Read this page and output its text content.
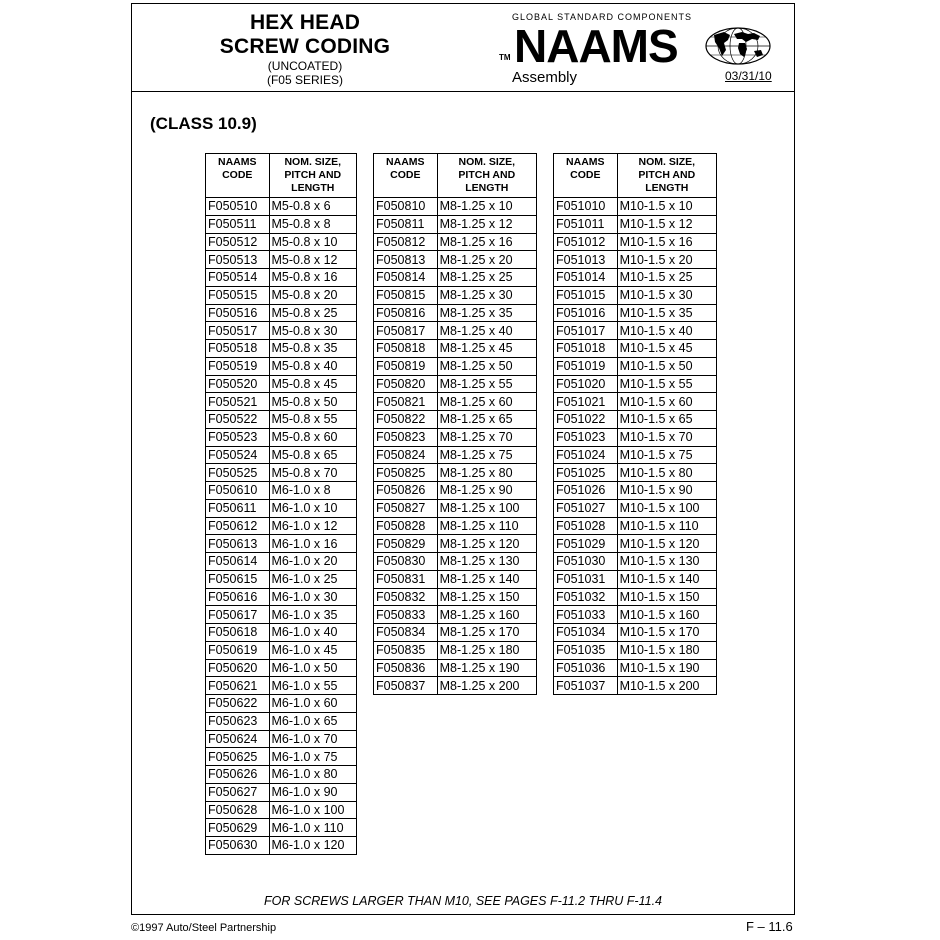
HEX HEAD
SCREW CODING
(UNCOATED)
(F05 SERIES)
GLOBAL STANDARD COMPONENTS
TM NAAMS
Assembly	03/31/10
(CLASS 10.9)
NAAMS
CODE	NOM. SIZE,
PITCH AND
LENGTH

F050510	M5-0.8 x 6
F050511	M5-0.8 x 8
F050512	M5-0.8 x 10
F050513	M5-0.8 x 12
F050514	M5-0.8 x 16
F050515	M5-0.8 x 20
F050516	M5-0.8 x 25
F050517	M5-0.8 x 30
F050518	M5-0.8 x 35
F050519	M5-0.8 x 40
F050520	M5-0.8 x 45
F050521	M5-0.8 x 50
F050522	M5-0.8 x 55
F050523	M5-0.8 x 60
F050524	M5-0.8 x 65
F050525	M5-0.8 x 70
F050610	M6-1.0 x 8
F050611	M6-1.0 x 10
F050612	M6-1.0 x 12
F050613	M6-1.0 x 16
F050614	M6-1.0 x 20
F050615	M6-1.0 x 25
F050616	M6-1.0 x 30
F050617	M6-1.0 x 35
F050618	M6-1.0 x 40
F050619	M6-1.0 x 45
F050620	M6-1.0 x 50
F050621	M6-1.0 x 55
F050622	M6-1.0 x 60
F050623	M6-1.0 x 65
F050624	M6-1.0 x 70
F050625	M6-1.0 x 75
F050626	M6-1.0 x 80
F050627	M6-1.0 x 90
F050628	M6-1.0 x 100
F050629	M6-1.0 x 110
F050630	M6-1.0 x 120
NAAMS
CODE	NOM. SIZE,
PITCH AND
LENGTH

F050810	M8-1.25 x 10
F050811	M8-1.25 x 12
F050812	M8-1.25 x 16
F050813	M8-1.25 x 20
F050814	M8-1.25 x 25
F050815	M8-1.25 x 30
F050816	M8-1.25 x 35
F050817	M8-1.25 x 40
F050818	M8-1.25 x 45
F050819	M8-1.25 x 50
F050820	M8-1.25 x 55
F050821	M8-1.25 x 60
F050822	M8-1.25 x 65
F050823	M8-1.25 x 70
F050824	M8-1.25 x 75
F050825	M8-1.25 x 80
F050826	M8-1.25 x 90
F050827	M8-1.25 x 100
F050828	M8-1.25 x 110
F050829	M8-1.25 x 120
F050830	M8-1.25 x 130
F050831	M8-1.25 x 140
F050832	M8-1.25 x 150
F050833	M8-1.25 x 160
F050834	M8-1.25 x 170
F050835	M8-1.25 x 180
F050836	M8-1.25 x 190
F050837	M8-1.25 x 200
NAAMS
CODE	NOM. SIZE,
PITCH AND
LENGTH

F051010	M10-1.5 x 10
F051011	M10-1.5 x 12
F051012	M10-1.5 x 16
F051013	M10-1.5 x 20
F051014	M10-1.5 x 25
F051015	M10-1.5 x 30
F051016	M10-1.5 x 35
F051017	M10-1.5 x 40
F051018	M10-1.5 x 45
F051019	M10-1.5 x 50
F051020	M10-1.5 x 55
F051021	M10-1.5 x 60
F051022	M10-1.5 x 65
F051023	M10-1.5 x 70
F051024	M10-1.5 x 75
F051025	M10-1.5 x 80
F051026	M10-1.5 x 90
F051027	M10-1.5 x 100
F051028	M10-1.5 x 110
F051029	M10-1.5 x 120
F051030	M10-1.5 x 130
F051031	M10-1.5 x 140
F051032	M10-1.5 x 150
F051033	M10-1.5 x 160
F051034	M10-1.5 x 170
F051035	M10-1.5 x 180
F051036	M10-1.5 x 190
F051037	M10-1.5 x 200
FOR SCREWS LARGER THAN M10, SEE PAGES F-11.2 THRU F-11.4
©1997 Auto/Steel Partnership	F – 11.6
